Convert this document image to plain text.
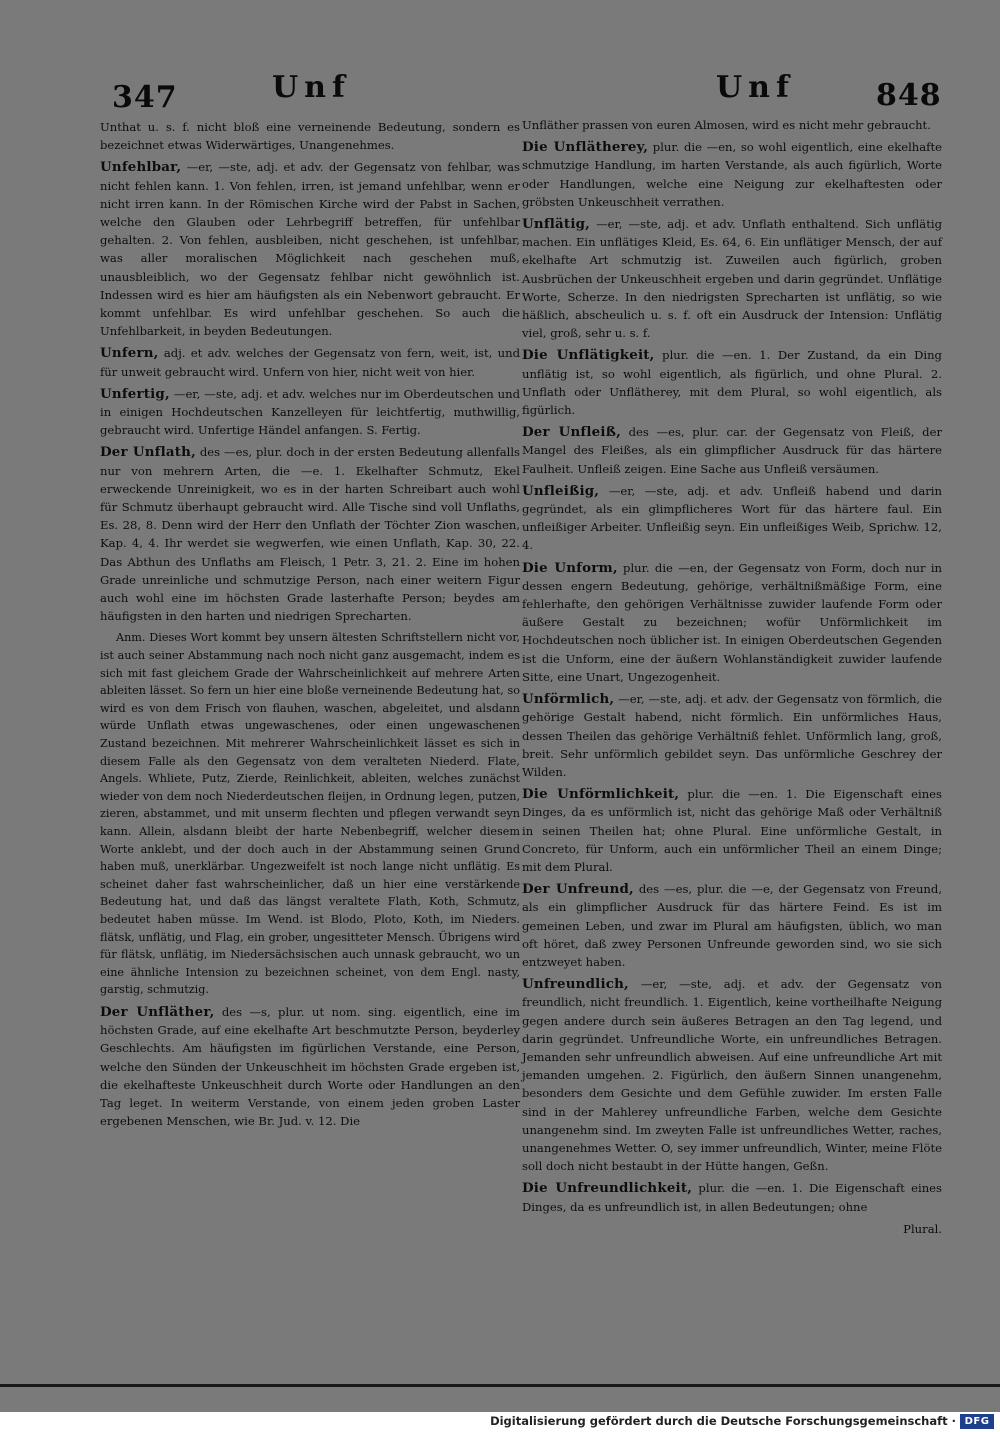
347	Unf	Unf	848

Unthat u. s. f. nicht bloß eine verneinende Bedeutung, sondern es bezeichnet etwas Widerwärtiges, Unangenehmes.

Unfehlbar, —er, —ste, adj. et adv. der Gegensatz von fehlbar, was nicht fehlen kann. 1. Von fehlen, irren, ist jemand unfehlbar, wenn er nicht irren kann. In der Römischen Kirche wird der Pabst in Sachen, welche den Glauben oder Lehrbegriff betreffen, für unfehlbar gehalten. 2. Von fehlen, ausbleiben, nicht geschehen, ist unfehlbar, was aller moralischen Möglichkeit nach geschehen muß, unausbleiblich, wo der Gegensatz fehlbar nicht gewöhnlich ist. Indessen wird es hier am häufigsten als ein Nebenwort gebraucht. Er kommt unfehlbar. Es wird unfehlbar geschehen. So auch die Unfehlbarkeit, in beyden Bedeutungen.

Unfern, adj. et adv. welches der Gegensatz von fern, weit, ist, und für unweit gebraucht wird. Unfern von hier, nicht weit von hier.

Unfertig, —er, —ste, adj. et adv. welches nur im Oberdeutschen und in einigen Hochdeutschen Kanzelleyen für leichtfertig, muthwillig, gebraucht wird. Unfertige Händel anfangen. S. Fertig.

Der Unflath, des —es, plur. doch in der ersten Bedeutung allenfalls nur von mehrern Arten, die —e. 1. Ekelhafter Schmutz, Ekel erweckende Unreinigkeit, wo es in der harten Schreibart auch wohl für Schmutz überhaupt gebraucht wird. Alle Tische sind voll Unflaths, Es. 28, 8. Denn wird der Herr den Unflath der Töchter Zion waschen, Kap. 4, 4. Ihr werdet sie wegwerfen, wie einen Unflath, Kap. 30, 22. Das Abthun des Unflaths am Fleisch, 1 Petr. 3, 21. 2. Eine im hohen Grade unreinliche und schmutzige Person, nach einer weitern Figur auch wohl eine im höchsten Grade lasterhafte Person; beydes am häufigsten in den harten und niedrigen Sprecharten.

Anm. Dieses Wort kommt bey unsern ältesten Schriftstellern nicht vor, ist auch seiner Abstammung nach noch nicht ganz ausgemacht, indem es sich mit fast gleichem Grade der Wahrscheinlichkeit auf mehrere Arten ableiten lässet. So fern un hier eine bloße verneinende Bedeutung hat, so wird es von dem Frisch von flauhen, waschen, abgeleitet, und alsdann würde Unflath etwas ungewaschenes, oder einen ungewaschenen Zustand bezeichnen. Mit mehrerer Wahrscheinlichkeit lässet es sich in diesem Falle als den Gegensatz von dem veralteten Niederd. Flate, Angels. Whliete, Putz, Zierde, Reinlichkeit, ableiten, welches zunächst wieder von dem noch Niederdeutschen fleijen, in Ordnung legen, putzen, zieren, abstammet, und mit unserm flechten und pflegen verwandt seyn kann. Allein, alsdann bleibt der harte Nebenbegriff, welcher diesem Worte anklebt, und der doch auch in der Abstammung seinen Grund haben muß, unerklärbar. Ungezweifelt ist noch lange nicht unflätig. Es scheinet daher fast wahrscheinlicher, daß un hier eine verstärkende Bedeutung hat, und daß das längst veraltete Flath, Koth, Schmutz, bedeutet haben müsse. Im Wend. ist Blodo, Ploto, Koth, im Nieders. flätsk, unflätig, und Flag, ein grober, ungesitteter Mensch. Übrigens wird für flätsk, unflätig, im Niedersächsischen auch unnask gebraucht, wo un eine ähnliche Intension zu bezeichnen scheinet, von dem Engl. nasty, garstig, schmutzig.

Der Unfläther, des —s, plur. ut nom. sing. eigentlich, eine im höchsten Grade, auf eine ekelhafte Art beschmutzte Person, beyderley Geschlechts. Am häufigsten im figürlichen Verstande, eine Person, welche den Sünden der Unkeuschheit im höchsten Grade ergeben ist, die ekelhafteste Unkeuschheit durch Worte oder Handlungen an den Tag leget. In weiterm Verstande, von einem jeden groben Laster ergebenen Menschen, wie Br. Jud. v. 12. Die

Unfläther prassen von euren Almosen, wird es nicht mehr gebraucht.

Die Unflätherey, plur. die —en, so wohl eigentlich, eine ekelhafte schmutzige Handlung, im harten Verstande, als auch figürlich, Worte oder Handlungen, welche eine Neigung zur ekelhaftesten oder gröbsten Unkeuschheit verrathen.

Unflätig, —er, —ste, adj. et adv. Unflath enthaltend. Sich unflätig machen. Ein unflätiges Kleid, Es. 64, 6. Ein unflätiger Mensch, der auf ekelhafte Art schmutzig ist. Zuweilen auch figürlich, groben Ausbrüchen der Unkeuschheit ergeben und darin gegründet. Unflätige Worte, Scherze. In den niedrigsten Sprecharten ist unflätig, so wie häßlich, abscheulich u. s. f. oft ein Ausdruck der Intension: Unflätig viel, groß, sehr u. s. f.

Die Unflätigkeit, plur. die —en. 1. Der Zustand, da ein Ding unflätig ist, so wohl eigentlich, als figürlich, und ohne Plural. 2. Unflath oder Unflätherey, mit dem Plural, so wohl eigentlich, als figürlich.

Der Unfleiß, des —es, plur. car. der Gegensatz von Fleiß, der Mangel des Fleißes, als ein glimpflicher Ausdruck für das härtere Faulheit. Unfleiß zeigen. Eine Sache aus Unfleiß versäumen.

Unfleißig, —er, —ste, adj. et adv. Unfleiß habend und darin gegründet, als ein glimpflicheres Wort für das härtere faul. Ein unfleißiger Arbeiter. Unfleißig seyn. Ein unfleißiges Weib, Sprichw. 12, 4.

Die Unform, plur. die —en, der Gegensatz von Form, doch nur in dessen engern Bedeutung, gehörige, verhältnißmäßige Form, eine fehlerhafte, den gehörigen Verhältnisse zuwider laufende Form oder äußere Gestalt zu bezeichnen; wofür Unförmlichkeit im Hochdeutschen noch üblicher ist. In einigen Oberdeutschen Gegenden ist die Unform, eine der äußern Wohlanständigkeit zuwider laufende Sitte, eine Unart, Ungezogenheit.

Unförmlich, —er, —ste, adj. et adv. der Gegensatz von förmlich, die gehörige Gestalt habend, nicht förmlich. Ein unförmliches Haus, dessen Theilen das gehörige Verhältniß fehlet. Unförmlich lang, groß, breit. Sehr unförmlich gebildet seyn. Das unförmliche Geschrey der Wilden.

Die Unförmlichkeit, plur. die —en. 1. Die Eigenschaft eines Dinges, da es unförmlich ist, nicht das gehörige Maß oder Verhältniß in seinen Theilen hat; ohne Plural. Eine unförmliche Gestalt, in Concreto, für Unform, auch ein unförmlicher Theil an einem Dinge; mit dem Plural.

Der Unfreund, des —es, plur. die —e, der Gegensatz von Freund, als ein glimpflicher Ausdruck für das härtere Feind. Es ist im gemeinen Leben, und zwar im Plural am häufigsten, üblich, wo man oft höret, daß zwey Personen Unfreunde geworden sind, wo sie sich entzweyet haben.

Unfreundlich, —er, —ste, adj. et adv. der Gegensatz von freundlich, nicht freundlich. 1. Eigentlich, keine vortheilhafte Neigung gegen andere durch sein äußeres Betragen an den Tag legend, und darin gegründet. Unfreundliche Worte, ein unfreundliches Betragen. Jemanden sehr unfreundlich abweisen. Auf eine unfreundliche Art mit jemanden umgehen. 2. Figürlich, den äußern Sinnen unangenehm, besonders dem Gesichte und dem Gefühle zuwider. Im ersten Falle sind in der Mahlerey unfreundliche Farben, welche dem Gesichte unangenehm sind. Im zweyten Falle ist unfreundliches Wetter, raches, unangenehmes Wetter. O, sey immer unfreundlich, Winter, meine Flöte soll doch nicht bestaubt in der Hütte hangen, Geßn.

Die Unfreundlichkeit, plur. die —en. 1. Die Eigenschaft eines Dinges, da es unfreundlich ist, in allen Bedeutungen; ohne

Plural.

Digitalisierung gefördert durch die Deutsche Forschungsgemeinschaft · DFG
